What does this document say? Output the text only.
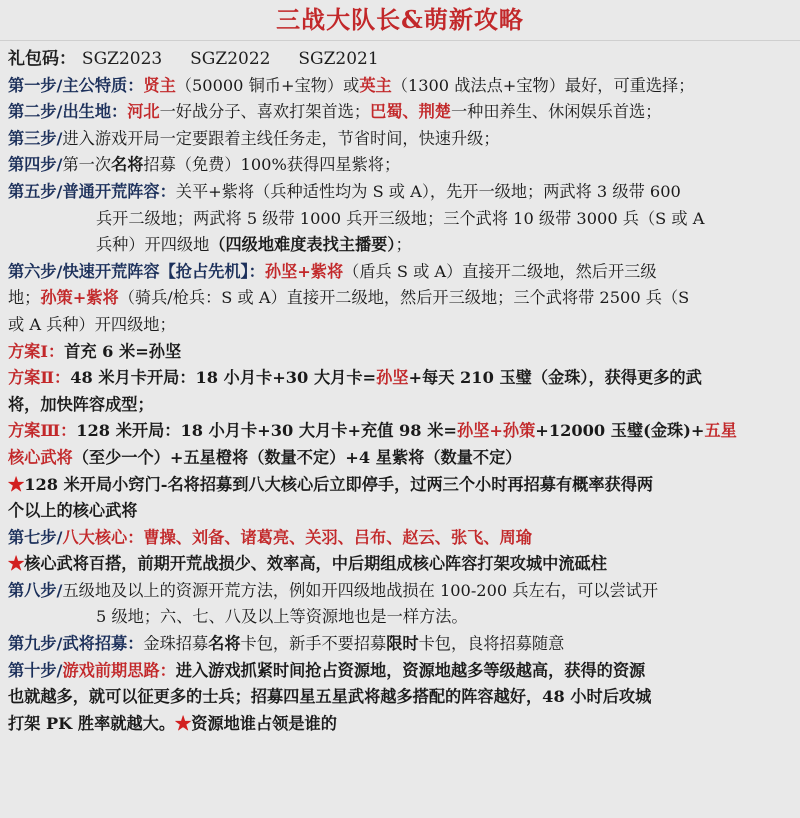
三战大队长&萌新攻略
礼包码： SGZ2023 SGZ2022 SGZ2021
第一步/主公特质：贤主（50000 铜币+宝物）或英主（1300 战法点+宝物）最好，可重选择；
第二步/出生地：河北一好战分子、喜欢打架首选；巴蜀、荆楚一种田养生、休闲娱乐首选；
第三步/进入游戏开局一定要跟着主线任务走，节省时间，快速升级；
第四步/第一次名将招募（免费）100%获得四星紫将；
第五步/普通开荒阵容：关平+紫将（兵种适性均为 S 或 A），先开一级地；两武将 3 级带 600
兵开二级地；两武将 5 级带 1000 兵开三级地；三个武将 10 级带 3000 兵（S 或 A
兵种）开四级地（四级地难度表找主播要）；
第六步/快速开荒阵容【抢占先机】：孙坚+紫将（盾兵 S 或 A）直接开二级地，然后开三级
地；孙策+紫将（骑兵/枪兵：S 或 A）直接开二级地，然后开三级地；三个武将带 2500 兵（S
或 A 兵种）开四级地；
方案Ⅰ：首充 6 米=孙坚
方案Ⅱ：48 米月卡开局：18 小月卡+30 大月卡=孙坚+每天 210 玉璧（金珠），获得更多的武
将，加快阵容成型；
方案Ⅲ：128 米开局：18 小月卡+30 大月卡+充值 98 米=孙坚+孙策+12000 玉璧(金珠)+五星
核心武将（至少一个）+五星橙将（数量不定）+4 星紫将（数量不定）
★128 米开局小窍门-名将招募到八大核心后立即停手，过两三个小时再招募有概率获得两
个以上的核心武将
第七步/八大核心：曹操、刘备、诸葛亮、关羽、吕布、赵云、张飞、周瑜
★核心武将百搭，前期开荒战损少、效率高，中后期组成核心阵容打架攻城中流砥柱
第八步/五级地及以上的资源开荒方法，例如开四级地战损在 100-200 兵左右，可以尝试开
5 级地；六、七、八及以上等资源地也是一样方法。
第九步/武将招募：金珠招募名将卡包，新手不要招募限时卡包，良将招募随意
第十步/游戏前期思路：进入游戏抓紧时间抢占资源地，资源地越多等级越高，获得的资源
也就越多，就可以征更多的士兵；招募四星五星武将越多搭配的阵容越好，48 小时后攻城
打架 PK 胜率就越大。★资源地谁占领是谁的
